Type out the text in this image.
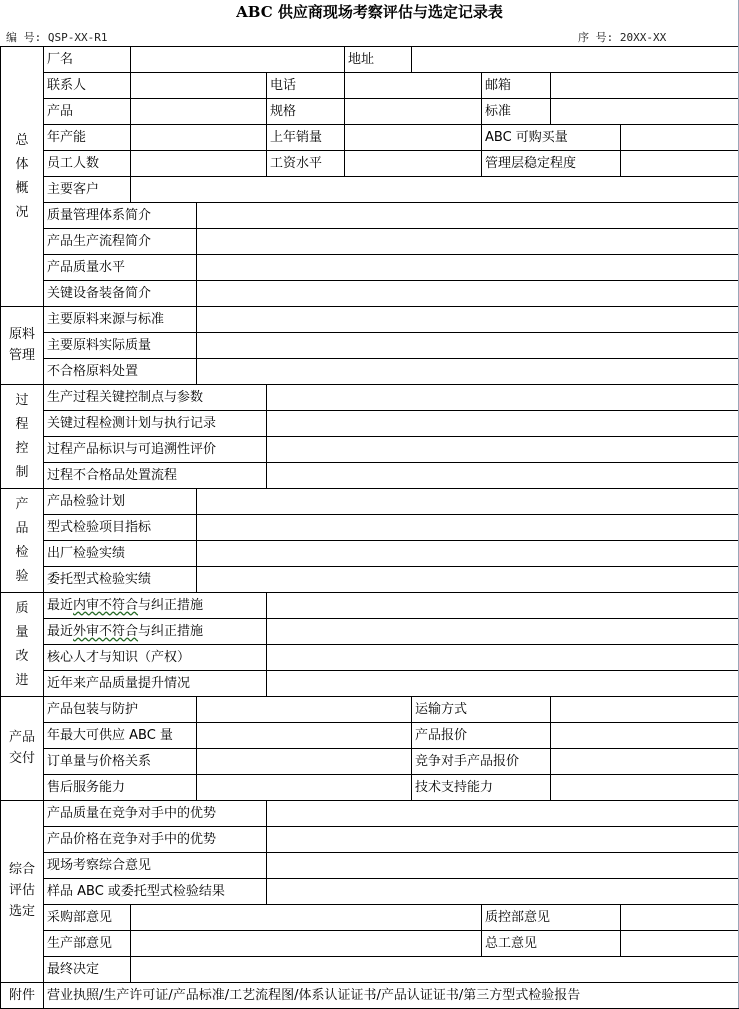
ABC 供应商现场考察评估与选定记录表
编 号: QSP-XX-R1	序 号: 20XX-XX
总体概况	厂名				地址				
	联系人			电话			邮箱		
	产品			规格			标准		
	年产能			上年销量			ABC 可购买量		
	员工人数			工资水平			管理层稳定程度		
	主要客户								
	质量管理体系简介								
	产品生产流程简介								
	产品质量水平								
	关键设备装备简介								
原料管理	主要原料来源与标准								
	主要原料实际质量								
	不合格原料处置								
过程控制	生产过程关键控制点与参数								
	关键过程检测计划与执行记录								
	过程产品标识与可追溯性评价								
	过程不合格品处置流程								
产品检验	产品检验计划								
	型式检验项目指标								
	出厂检验实绩								
	委托型式检验实绩								
质量改进	最近内审不符合与纠正措施								
	最近外审不符合与纠正措施								
	核心人才与知识（产权）								
	近年来产品质量提升情况								
产品交付	产品包装与防护					运输方式			
	年最大可供应 ABC 量					产品报价			
	订单量与价格关系					竞争对手产品报价			
	售后服务能力					技术支持能力			
综合评估选定	产品质量在竞争对手中的优势								
	产品价格在竞争对手中的优势								
	现场考察综合意见								
	样品 ABC 或委托型式检验结果								
	采购部意见						质控部意见		
	生产部意见						总工意见		
	最终决定								
附件	营业执照/生产许可证/产品标准/工艺流程图/体系认证证书/产品认证证书/第三方型式检验报告								
